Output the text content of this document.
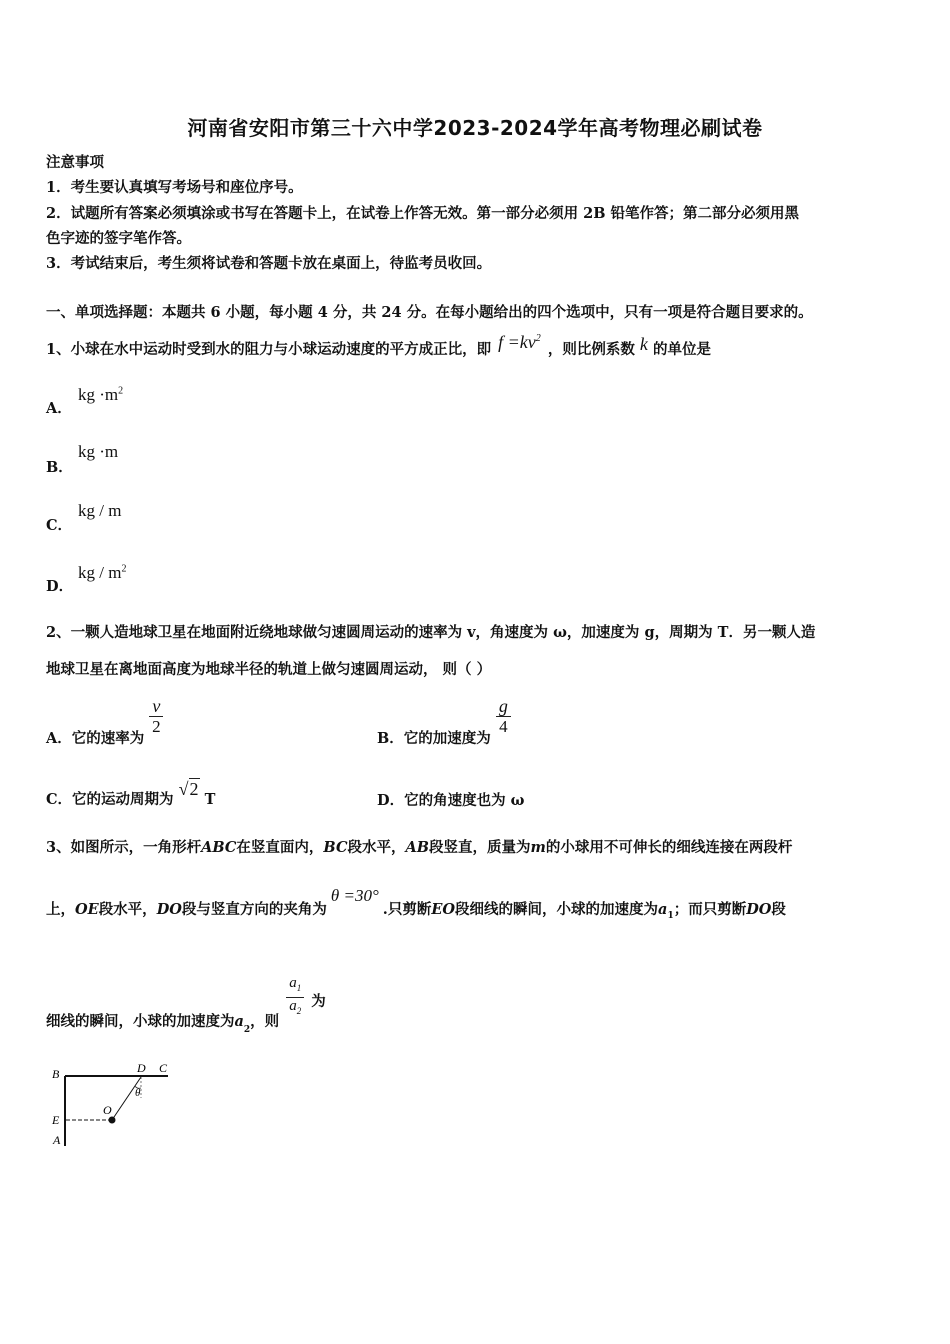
河南省安阳市第三十六中学2023-2024学年高考物理必刷试卷
注意事项
1．考生要认真填写考场号和座位序号。
2．试题所有答案必须填涂或书写在答题卡上，在试卷上作答无效。第一部分必须用 2B 铅笔作答；第二部分必须用黑
色字迹的签字笔作答。
3．考试结束后，考生须将试卷和答题卡放在桌面上，待监考员收回。
一、单项选择题：本题共 6 小题，每小题 4 分，共 24 分。在每小题给出的四个选项中，只有一项是符合题目要求的。
1、小球在水中运动时受到水的阻力与小球运动速度的平方成正比，即 $f =kv^2$ ，则比例系数 k 的单位是
A．
kg $\cdot m^2$
B．
kg ·m
C．
kg / m
D．
kg / $m^2$
2、一颗人造地球卫星在地面附近绕地球做匀速圆周运动的速率为 v，角速度为 ω，加速度为 g，周期为 T．另一颗人造
地球卫星在离地面高度为地球半径的轨道上做匀速圆周运动， 则（ ）
A．它的速率为
$\frac{v}{2}$
B．它的加速度为
$\frac{g}{4}$
C．它的运动周期为 √2 T	D．它的角速度也为 ω
3、如图所示，一角形杆ABC在竖直面内，BC段水平，AB段竖直，质量为m的小球用不可伸长的细线连接在两段杆
上，OE段水平，DO段与竖直方向的夹角为θ =30°.只剪断EO段细线的瞬间，小球的加速度为$a_1$；而只剪断DO段
细线的瞬间，小球的加速度为$a_2$，则
$\frac{a_1}{a_2}$ 为
B	D C
θ
O
E
A
